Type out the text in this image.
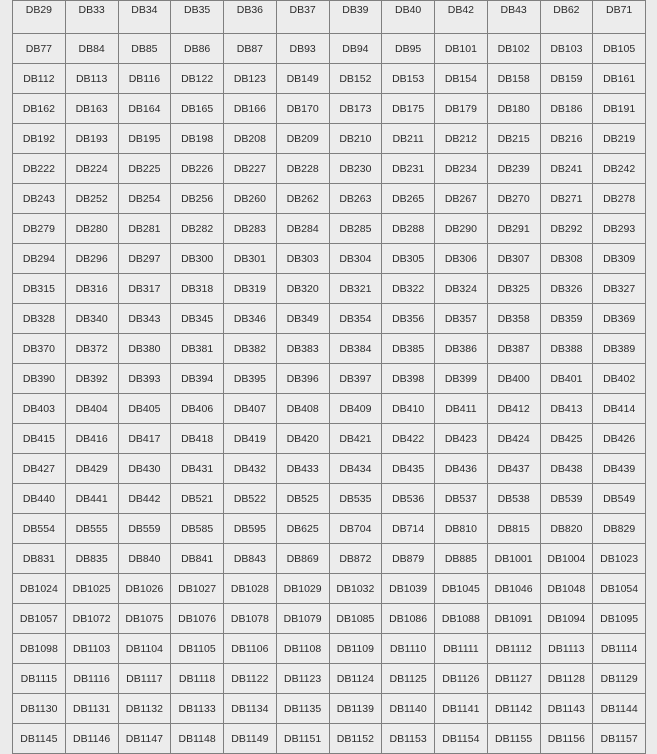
DB29	DB33	DB34	DB35	DB36	DB37	DB39	DB40	DB42	DB43	DB62	DB71
DB77	DB84	DB85	DB86	DB87	DB93	DB94	DB95	DB101	DB102	DB103	DB105
DB112	DB113	DB116	DB122	DB123	DB149	DB152	DB153	DB154	DB158	DB159	DB161
DB162	DB163	DB164	DB165	DB166	DB170	DB173	DB175	DB179	DB180	DB186	DB191
DB192	DB193	DB195	DB198	DB208	DB209	DB210	DB211	DB212	DB215	DB216	DB219
DB222	DB224	DB225	DB226	DB227	DB228	DB230	DB231	DB234	DB239	DB241	DB242
DB243	DB252	DB254	DB256	DB260	DB262	DB263	DB265	DB267	DB270	DB271	DB278
DB279	DB280	DB281	DB282	DB283	DB284	DB285	DB288	DB290	DB291	DB292	DB293
DB294	DB296	DB297	DB300	DB301	DB303	DB304	DB305	DB306	DB307	DB308	DB309
DB315	DB316	DB317	DB318	DB319	DB320	DB321	DB322	DB324	DB325	DB326	DB327
DB328	DB340	DB343	DB345	DB346	DB349	DB354	DB356	DB357	DB358	DB359	DB369
DB370	DB372	DB380	DB381	DB382	DB383	DB384	DB385	DB386	DB387	DB388	DB389
DB390	DB392	DB393	DB394	DB395	DB396	DB397	DB398	DB399	DB400	DB401	DB402
DB403	DB404	DB405	DB406	DB407	DB408	DB409	DB410	DB411	DB412	DB413	DB414
DB415	DB416	DB417	DB418	DB419	DB420	DB421	DB422	DB423	DB424	DB425	DB426
DB427	DB429	DB430	DB431	DB432	DB433	DB434	DB435	DB436	DB437	DB438	DB439
DB440	DB441	DB442	DB521	DB522	DB525	DB535	DB536	DB537	DB538	DB539	DB549
DB554	DB555	DB559	DB585	DB595	DB625	DB704	DB714	DB810	DB815	DB820	DB829
DB831	DB835	DB840	DB841	DB843	DB869	DB872	DB879	DB885	DB1001	DB1004	DB1023
DB1024	DB1025	DB1026	DB1027	DB1028	DB1029	DB1032	DB1039	DB1045	DB1046	DB1048	DB1054
DB1057	DB1072	DB1075	DB1076	DB1078	DB1079	DB1085	DB1086	DB1088	DB1091	DB1094	DB1095
DB1098	DB1103	DB1104	DB1105	DB1106	DB1108	DB1109	DB1110	DB1111	DB1112	DB1113	DB1114
DB1115	DB1116	DB1117	DB1118	DB1122	DB1123	DB1124	DB1125	DB1126	DB1127	DB1128	DB1129
DB1130	DB1131	DB1132	DB1133	DB1134	DB1135	DB1139	DB1140	DB1141	DB1142	DB1143	DB1144
DB1145	DB1146	DB1147	DB1148	DB1149	DB1151	DB1152	DB1153	DB1154	DB1155	DB1156	DB1157
